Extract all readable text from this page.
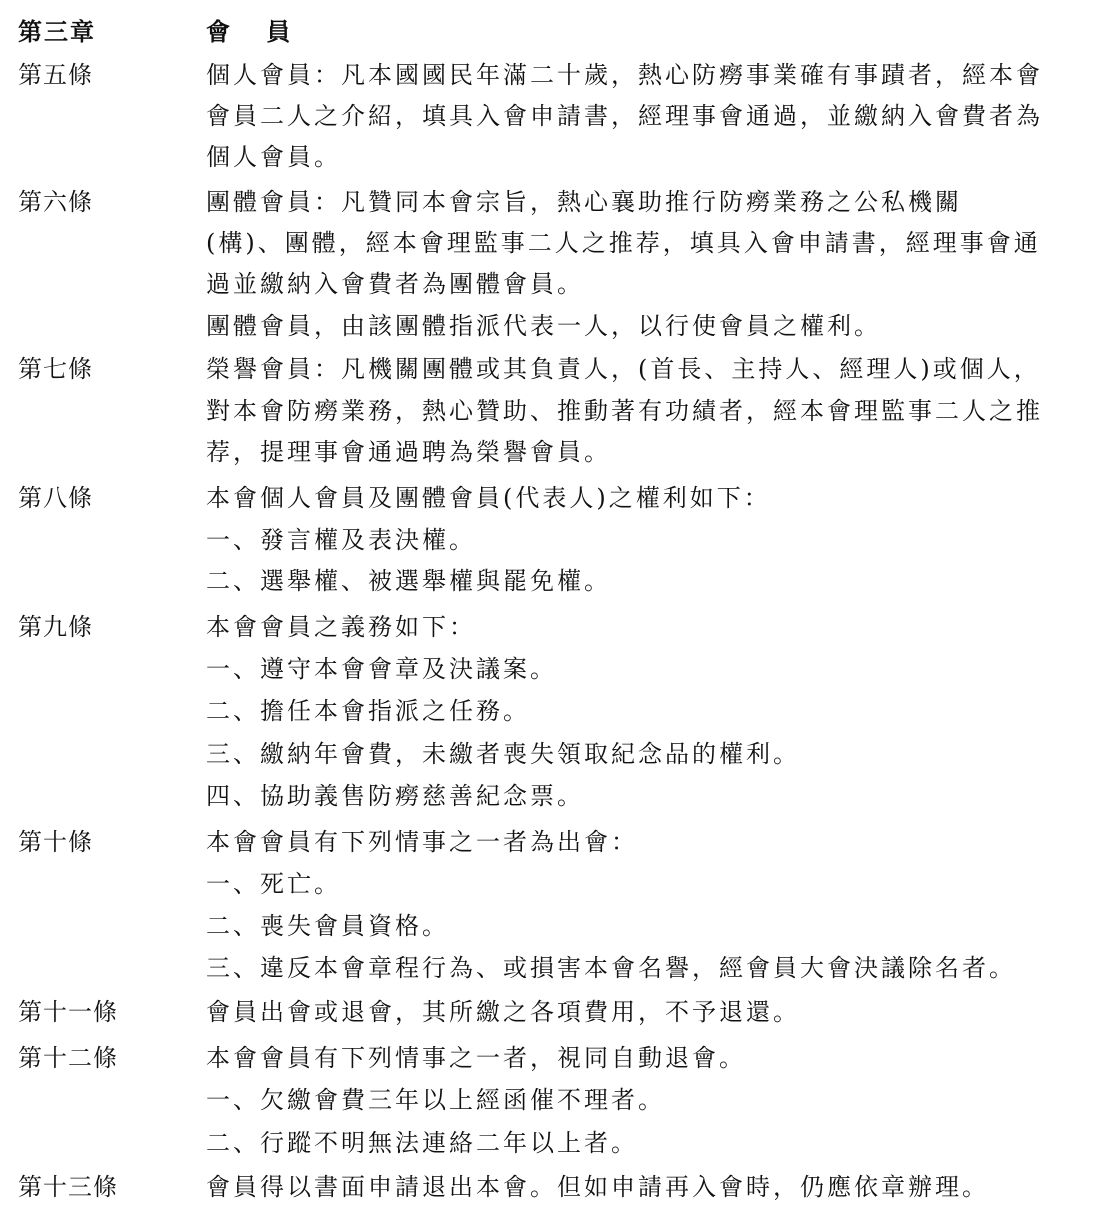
第三章	會 員
第五條	個人會員：凡本國國民年滿二十歲，熱心防癆事業確有事蹟者，經本會
會員二人之介紹，填具入會申請書，經理事會通過，並繳納入會費者為
個人會員。
第六條	團體會員：凡贊同本會宗旨，熱心襄助推行防癆業務之公私機關
(構)、團體，經本會理監事二人之推荐，填具入會申請書，經理事會通
過並繳納入會費者為團體會員。
團體會員，由該團體指派代表一人，以行使會員之權利。
第七條	榮譽會員：凡機關團體或其負責人，(首長、主持人、經理人)或個人，
對本會防癆業務，熱心贊助、推動著有功績者，經本會理監事二人之推
荐，提理事會通過聘為榮譽會員。
第八條	本會個人會員及團體會員(代表人)之權利如下：
一、發言權及表決權。
二、選舉權、被選舉權與罷免權。
第九條	本會會員之義務如下：
一、遵守本會會章及決議案。
二、擔任本會指派之任務。
三、繳納年會費，未繳者喪失領取紀念品的權利。
四、協助義售防癆慈善紀念票。
第十條	本會會員有下列情事之一者為出會：
一、死亡。
二、喪失會員資格。
三、違反本會章程行為、或損害本會名譽，經會員大會決議除名者。
第十一條	會員出會或退會，其所繳之各項費用，不予退還。
第十二條	本會會員有下列情事之一者，視同自動退會。
一、欠繳會費三年以上經函催不理者。
二、行蹤不明無法連絡二年以上者。
第十三條	會員得以書面申請退出本會。但如申請再入會時，仍應依章辦理。
